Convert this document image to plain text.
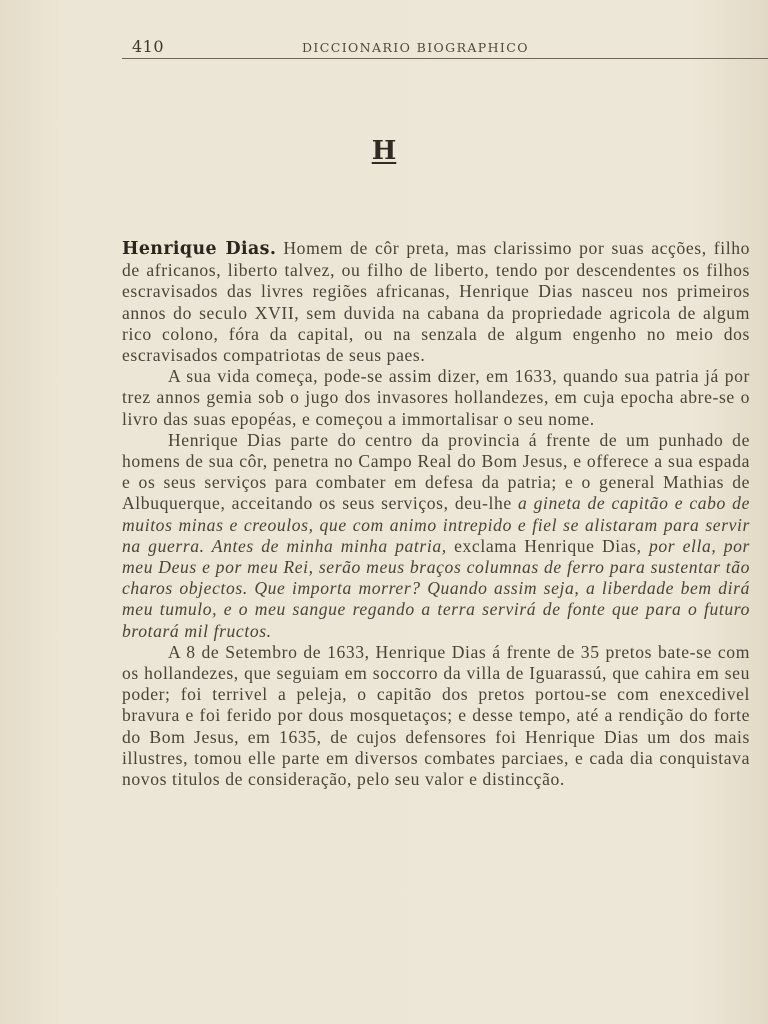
410	DICCIONARIO BIOGRAPHICO
H

Henrique Dias. Homem de côr preta, mas clarissimo por suas acções, filho de africanos, liberto talvez, ou filho de liberto, tendo por descendentes os filhos escravisados das livres regiões africanas, Henrique Dias nasceu nos primeiros annos do seculo XVII, sem duvida na cabana da propriedade agricola de algum rico colono, fóra da capital, ou na senzala de algum engenho no meio dos escravisados compatriotas de seus paes.

A sua vida começa, pode-se assim dizer, em 1633, quando sua patria já por trez annos gemia sob o jugo dos invasores hollandezes, em cuja epocha abre-se o livro das suas epopéas, e começou a immortalisar o seu nome.

Henrique Dias parte do centro da provincia á frente de um punhado de homens de sua côr, penetra no Campo Real do Bom Jesus, e offerece a sua espada e os seus serviços para combater em defesa da patria; e o general Mathias de Albuquerque, acceitando os seus serviços, deu-lhe a gineta de capitão e cabo de muitos minas e creoulos, que com animo intrepido e fiel se alistaram para servir na guerra. Antes de minha minha patria, exclama Henrique Dias, por ella, por meu Deus e por meu Rei, serão meus braços columnas de ferro para sustentar tão charos objectos. Que importa morrer? Quando assim seja, a liberdade bem dirá meu tumulo, e o meu sangue regando a terra servirá de fonte que para o futuro brotará mil fructos.

A 8 de Setembro de 1633, Henrique Dias á frente de 35 pretos bate-se com os hollandezes, que seguiam em soccorro da villa de Iguarassú, que cahira em seu poder; foi terrivel a peleja, o capitão dos pretos portou-se com enexcedivel bravura e foi ferido por dous mosquetaços; e desse tempo, até a rendição do forte do Bom Jesus, em 1635, de cujos defensores foi Henrique Dias um dos mais illustres, tomou elle parte em diversos combates parciaes, e cada dia conquistava novos titulos de consideração, pelo seu valor e distincção.
